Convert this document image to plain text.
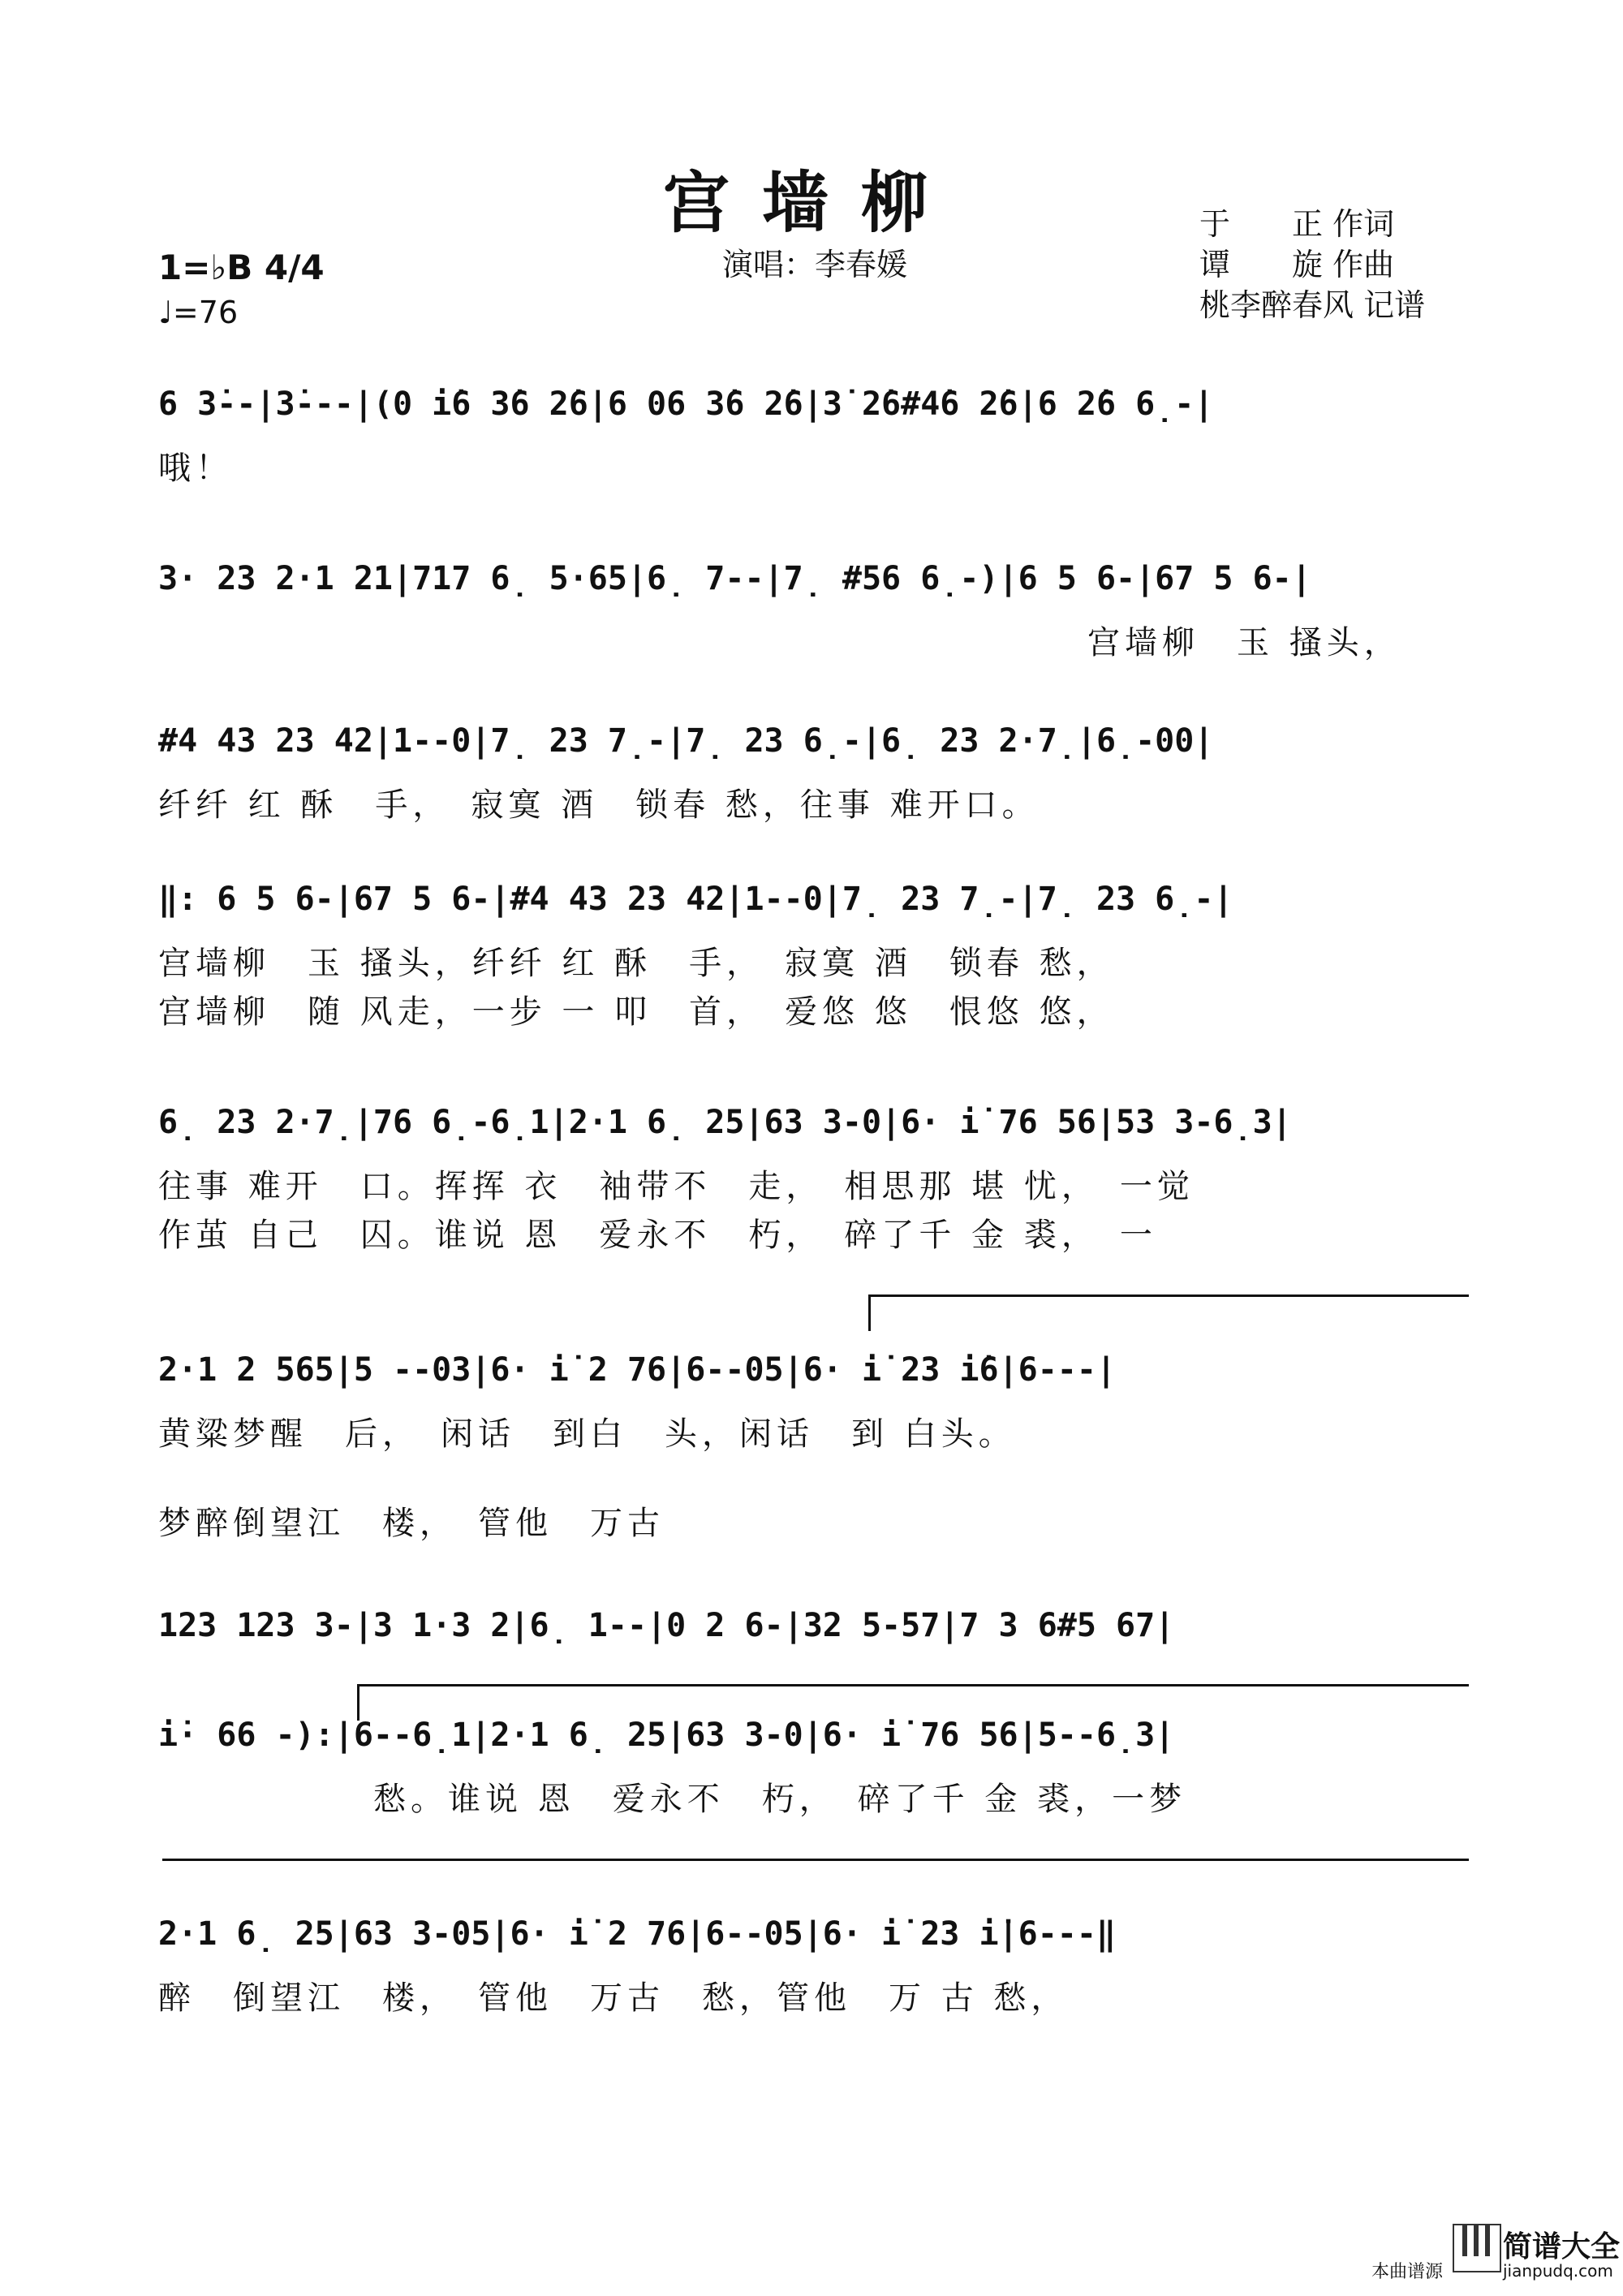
宫墙柳
演唱：李春媛
于　　正 作词
谭　　旋 作曲
桃李醉春风 记谱
1=♭B 4/4
♩=76
6 3̇--|3̇---|(0 i̇6 3̇6 2̇6|6 06 3̇6 2̇6|3̇ 2̇6#4̇6 2̇6|6 2̇6 6̣-|
哦！
3· 23 2·1 21|717 6̣ 5·65|6̣ 7--|7̣ #56 6̣-)|6 5 6-|67 5 6-|
宫墙柳　玉 搔头，
#4 43 23 42|1--0|7̣ 23 7̣-|7̣ 23 6̣-|6̣ 23 2·7̣|6̣-00|
纤纤 红 酥　手，　寂寞 酒　锁春 愁，往事 难开口。
‖: 6 5 6-|67 5 6-|#4 43 23 42|1--0|7̣ 23 7̣-|7̣ 23 6̣-|
宫墙柳　玉 搔头，纤纤 红 酥　手，　寂寞 酒　锁春 愁，
宫墙柳　随 风走，一步 一 叩　首，　爱悠 悠　恨悠 悠，
6̣ 23 2·7̣|76 6̣-6̣1|2·1 6̣ 25|63 3-0|6· i̇ 76 56|53 3-6̣3|
往事 难开　口。挥挥 衣　袖带不　走，　相思那 堪 忧，　一觉
作茧 自己　囚。谁说 恩　爱永不　朽，　碎了千 金 裘，　一
2·1 2 565|5 --03|6· i̇ 2 76|6--05|6· i̇ 23 i̇6|6---|
黄粱梦醒　后，　闲话　到白　头，闲话　到 白头。
梦醉倒望江　楼，　管他　万古
123 123 3-|3 1·3 2|6̣ 1--|0 2 6-|32 5-57|7 3 6#5 67|
i̇· 66 -):|6--6̣1|2·1 6̣ 25|63 3-0|6· i̇ 76 56|5--6̣3|
愁。谁说 恩　爱永不　朽，　碎了千 金 裘，一梦
2·1 6̣ 25|63 3-05|6· i̇ 2 76|6--05|6· i̇ 23 i̇|6---‖
醉　倒望江　楼，　管他　万古　愁，管他　万 古 愁，
本曲谱源
简谱大全
jianpudq.com
